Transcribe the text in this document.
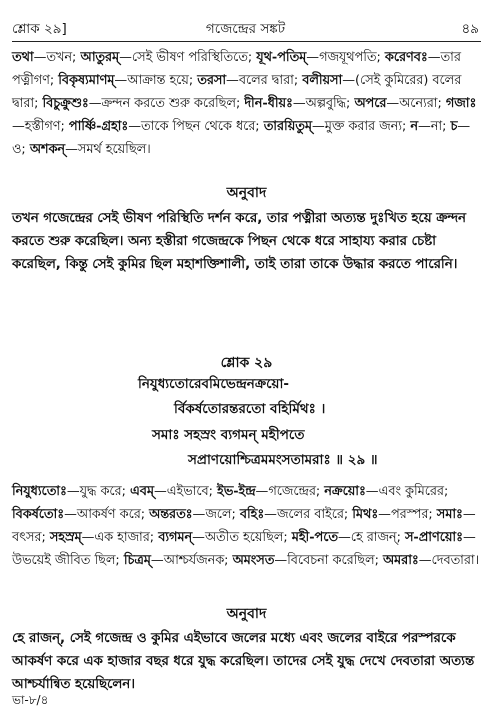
শ্লোক ২৯]	গজেন্দ্রের সঙ্কট	৪৯
তথা—তখন; আতুরম্—সেই ভীষণ পরিস্থিতিতে; যূথ-পতিম্—গজযূথপতি; করেণবঃ—তার পত্নীগণ; বিকৃষ্যমাণম্—আক্রান্ত হয়ে; তরসা—বলের দ্বারা; বলীয়সা—(সেই কুমিরের) বলের দ্বারা; বিচুক্রুশুঃ—ক্রন্দন করতে শুরু করেছিল; দীন-ধীয়ঃ—অল্পবুদ্ধি; অপরে—অন্যেরা; গজাঃ—হস্তীগণ; পার্ষ্ণি-গ্রহাঃ—তাকে পিছন থেকে ধরে; তারয়িতুম্—মুক্ত করার জন্য; ন—না; চ—ও; অশকন্—সমর্থ হয়েছিল।
অনুবাদ
তখন গজেন্দ্রের সেই ভীষণ পরিস্থিতি দর্শন করে, তার পত্নীরা অত্যন্ত দুঃখিত হয়ে ক্রন্দন করতে শুরু করেছিল। অন্য হস্তীরা গজেন্দ্রকে পিছন থেকে ধরে সাহায্য করার চেষ্টা করেছিল, কিন্তু সেই কুমির ছিল মহাশক্তিশালী, তাই তারা তাকে উদ্ধার করতে পারেনি।
শ্লোক ২৯
নিযুধ্যতোরেবমিভেন্দ্রনক্রয়ো-
র্বিকর্ষতোরন্তরতো বহির্মিথঃ ।
সমাঃ সহস্রং ব্যগমন্ মহীপতে
সপ্রাণয়োশ্চিত্রমমংসতামরাঃ ॥ ২৯ ॥
নিযুধ্যতোঃ—যুদ্ধ করে; এবম্—এইভাবে; ইভ-ইন্দ্র—গজেন্দ্রের; নক্রয়োঃ—এবং কুমিরের; বিকর্ষতোঃ—আকর্ষণ করে; অন্তরতঃ—জলে; বহিঃ—জলের বাইরে; মিথঃ—পরস্পর; সমাঃ—বৎসর; সহস্রম্—এক হাজার; ব্যগমন্—অতীত হয়েছিল; মহী-পতে—হে রাজন্; স-প্রাণয়োঃ—উভয়েই জীবিত ছিল; চিত্রম্—আশ্চর্যজনক; অমংসত—বিবেচনা করেছিল; অমরাঃ—দেবতারা।
অনুবাদ
হে রাজন্, সেই গজেন্দ্র ও কুমির এইভাবে জলের মধ্যে এবং জলের বাইরে পরস্পরকে আকর্ষণ করে এক হাজার বছর ধরে যুদ্ধ করেছিল। তাদের সেই যুদ্ধ দেখে দেবতারা অত্যন্ত আশ্চর্যান্বিত হয়েছিলেন।
ভা-৮/৪
